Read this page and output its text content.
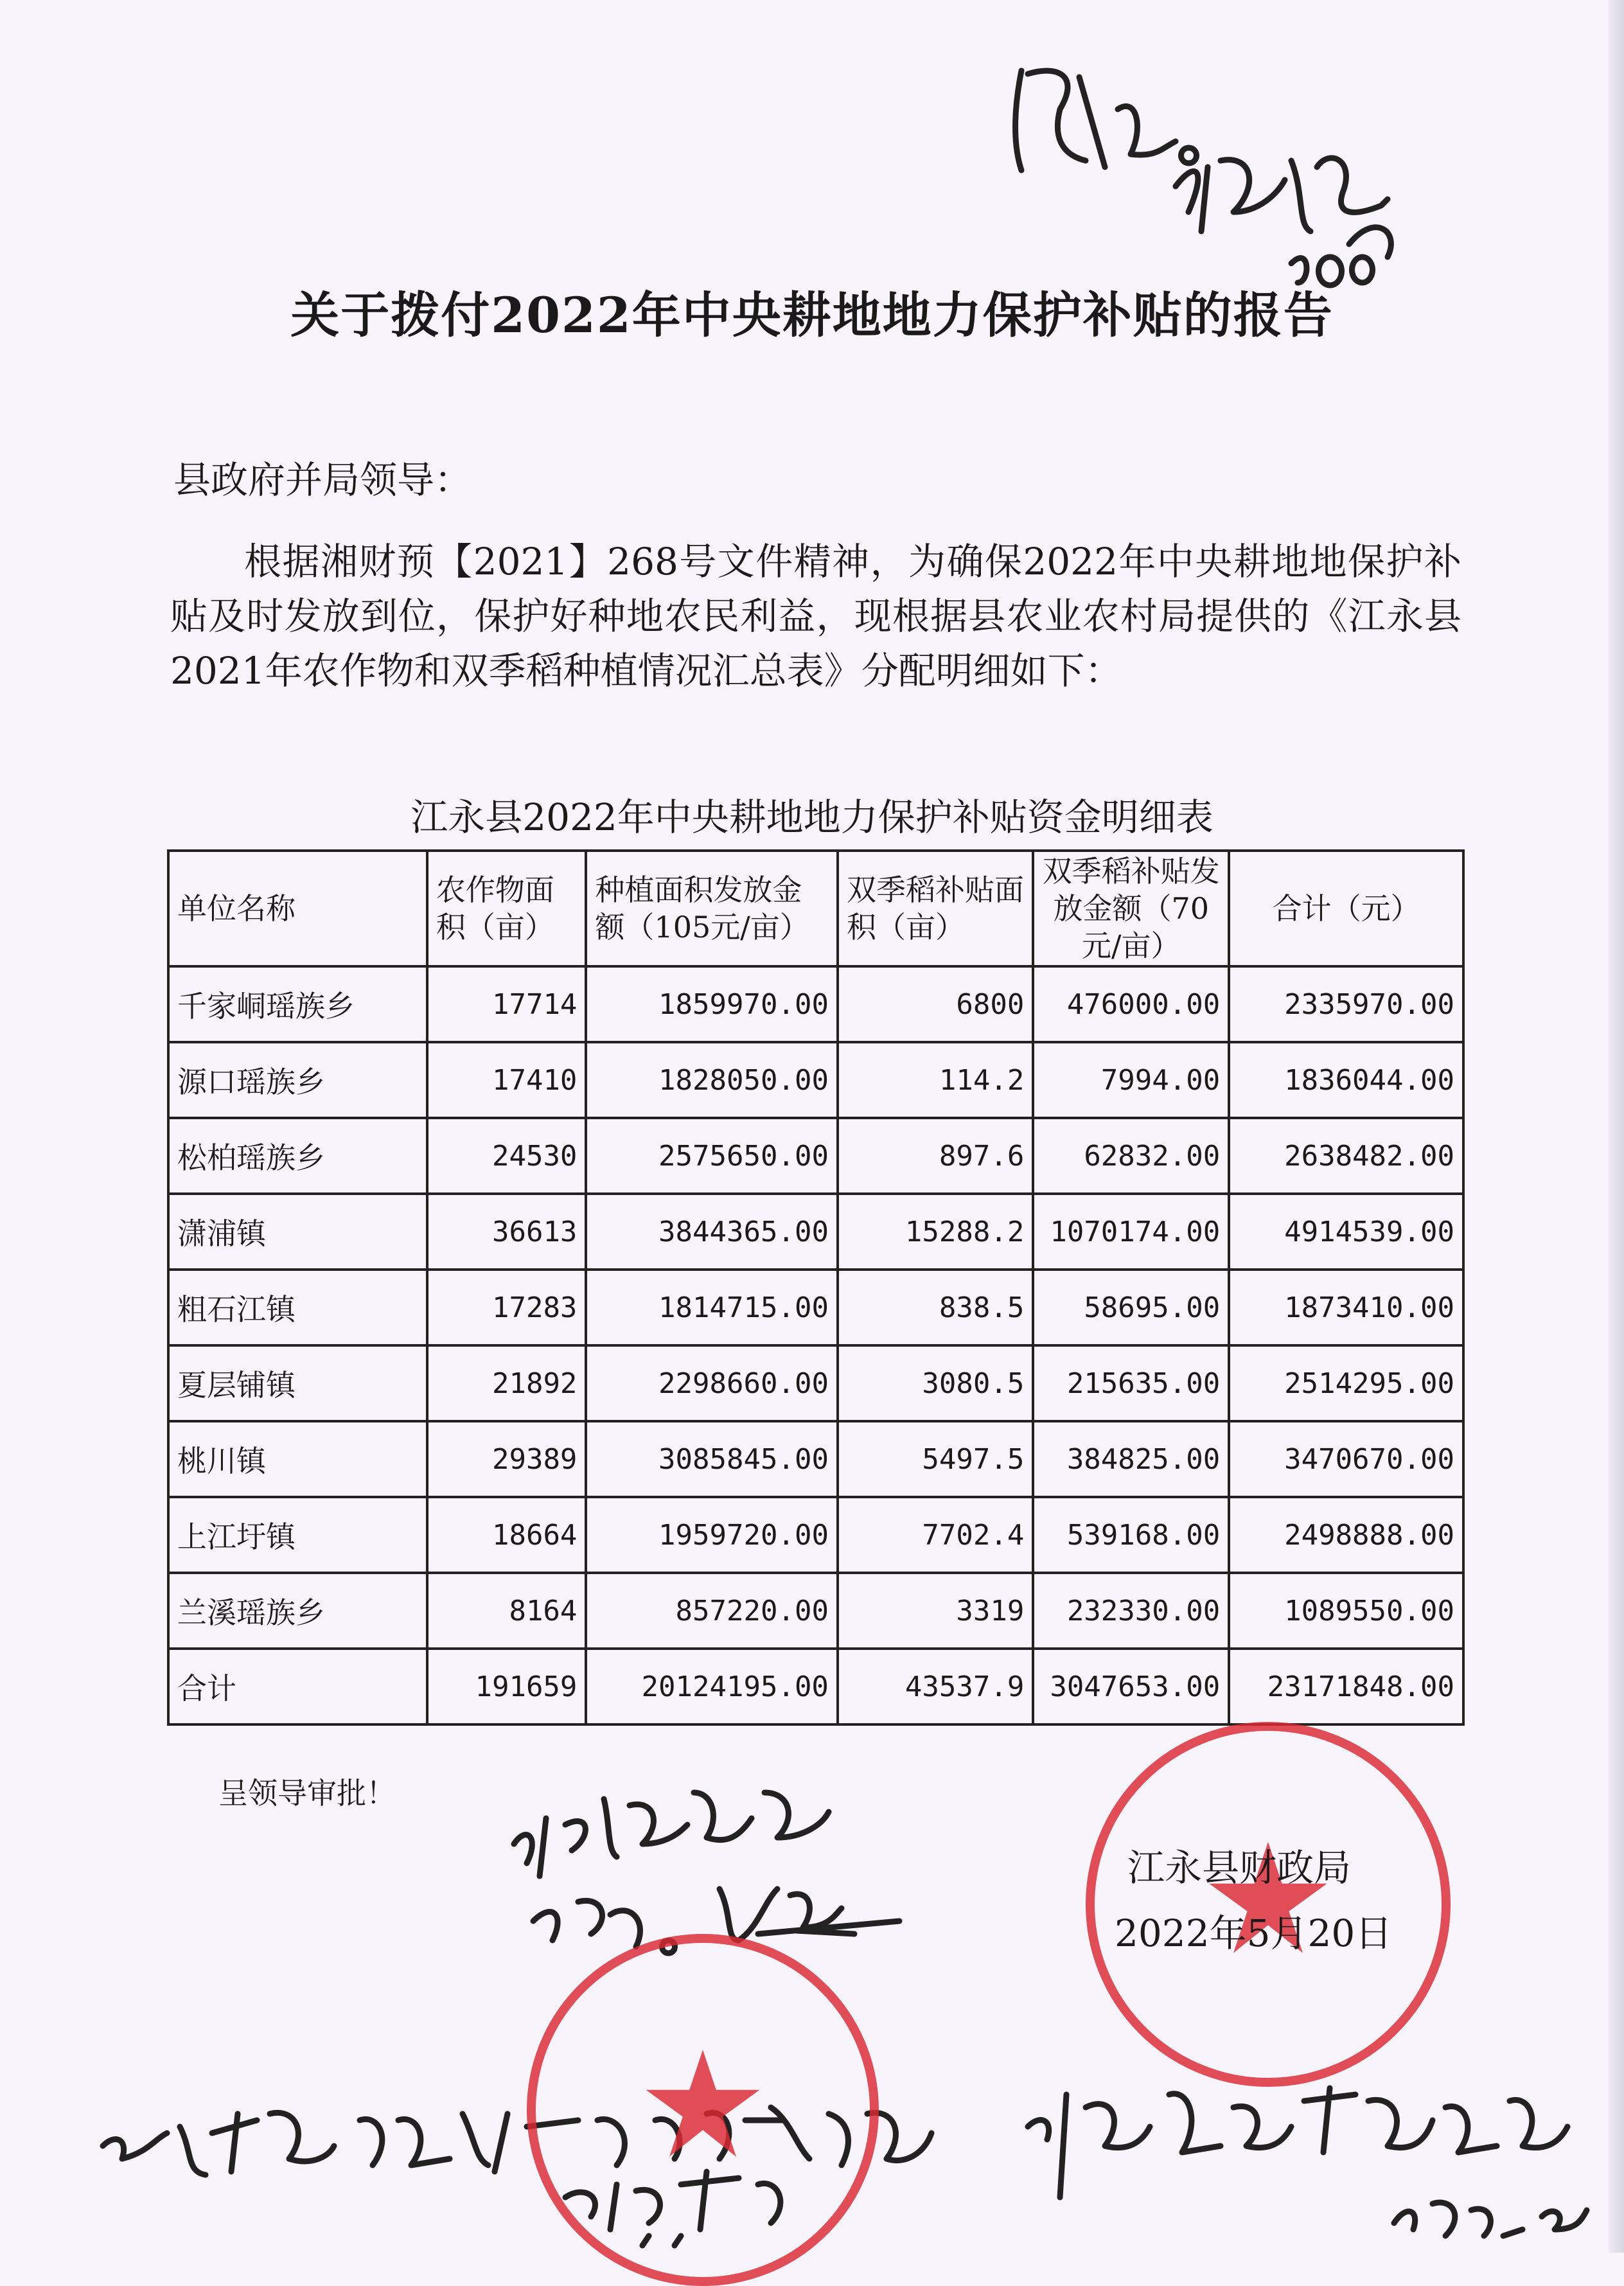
关于拨付2022年中央耕地地力保护补贴的报告
县政府并局领导：
根据湘财预【2021】268号文件精神，为确保2022年中央耕地地保护补贴及时发放到位，保护好种地农民利益，现根据县农业农村局提供的《江永县2021年农作物和双季稻种植情况汇总表》分配明细如下：
江永县2022年中央耕地地力保护补贴资金明细表
单位名称	农作物面积（亩）	种植面积发放金额（105元/亩）	双季稻补贴面积（亩）	双季稻补贴发放金额（70元/亩）	合计（元）
千家峒瑶族乡	17714	1859970.00	6800	476000.00	2335970.00
源口瑶族乡	17410	1828050.00	114.2	7994.00	1836044.00
松柏瑶族乡	24530	2575650.00	897.6	62832.00	2638482.00
潇浦镇	36613	3844365.00	15288.2	1070174.00	4914539.00
粗石江镇	17283	1814715.00	838.5	58695.00	1873410.00
夏层铺镇	21892	2298660.00	3080.5	215635.00	2514295.00
桃川镇	29389	3085845.00	5497.5	384825.00	3470670.00
上江圩镇	18664	1959720.00	7702.4	539168.00	2498888.00
兰溪瑶族乡	8164	857220.00	3319	232330.00	1089550.00
合计	191659	20124195.00	43537.9	3047653.00	23171848.00
呈领导审批！
江永县财政局
2022年5月20日
